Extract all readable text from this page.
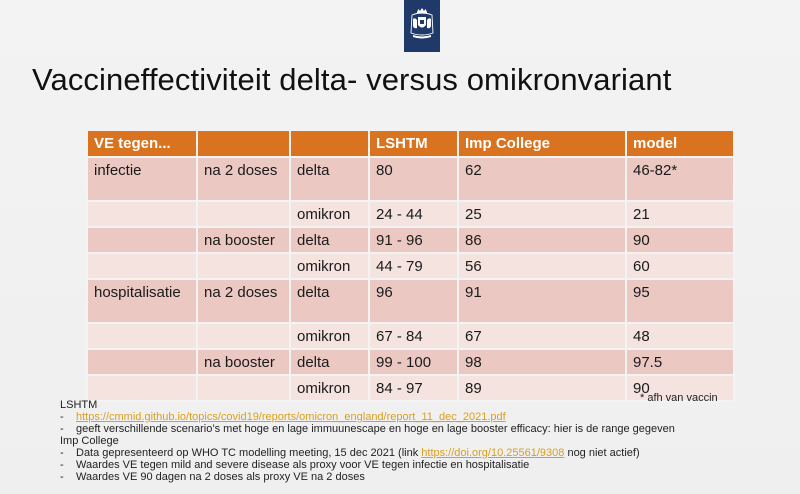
Vaccineffectiviteit delta- versus omikronvariant
VE tegen...			LSHTM	Imp College	model
infectie	na 2 doses	delta	80	62	46-82*
		omikron	24 - 44	25	21
	na booster	delta	91 - 96	86	90
		omikron	44 - 79	56	60
hospitalisatie	na 2 doses	delta	96	91	95
		omikron	67 - 84	67	48
	na booster	delta	99 - 100	98	97.5
		omikron	84 - 97	89	90
* afh van vaccin
LSHTM
- https://cmmid.github.io/topics/covid19/reports/omicron_england/report_11_dec_2021.pdf
- geeft verschillende scenario’s met hoge en lage immuunescape en hoge en lage booster efficacy: hier is de range gegeven
Imp College
- Data gepresenteerd op WHO TC modelling meeting, 15 dec 2021 (link https://doi.org/10.25561/9308 nog niet actief)
- Waardes VE tegen mild and severe disease als proxy voor VE tegen infectie en hospitalisatie
- Waardes VE 90 dagen na 2 doses als proxy VE na 2 doses
